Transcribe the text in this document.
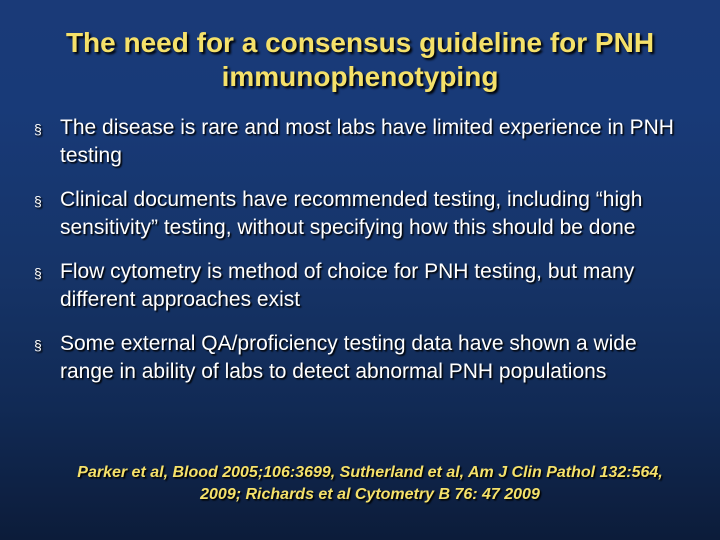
The need for a consensus guideline for PNH immunophenotyping
§ The disease is rare and most labs have limited experience in PNH testing
§ Clinical documents have recommended testing, including “high sensitivity” testing, without specifying how this should be done
§ Flow cytometry is method of choice for PNH testing, but many different approaches exist
§ Some external QA/proficiency testing data have shown a wide range in ability of labs to detect abnormal PNH populations
Parker et al, Blood 2005;106:3699, Sutherland et al, Am J Clin Pathol 132:564, 2009; Richards et al Cytometry B 76: 47 2009
